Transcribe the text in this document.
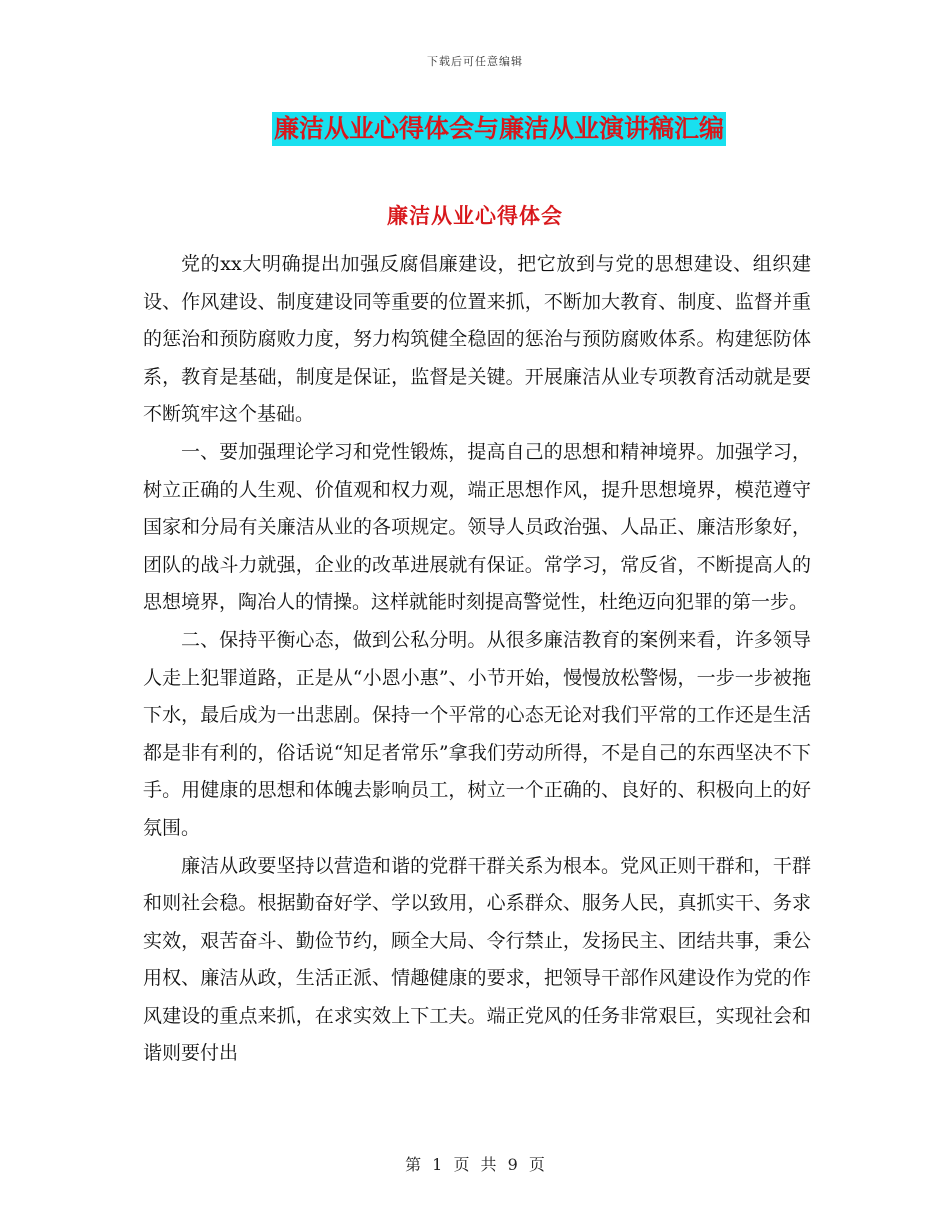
下载后可任意编辑
廉洁从业心得体会与廉洁从业演讲稿汇编
廉洁从业心得体会

党的xx大明确提出加强反腐倡廉建设，把它放到与党的思想建设、组织建设、作风建设、制度建设同等重要的位置来抓，不断加大教育、制度、监督并重的惩治和预防腐败力度，努力构筑健全稳固的惩治与预防腐败体系。构建惩防体系，教育是基础，制度是保证，监督是关键。开展廉洁从业专项教育活动就是要不断筑牢这个基础。

一、要加强理论学习和党性锻炼，提高自己的思想和精神境界。加强学习，树立正确的人生观、价值观和权力观，端正思想作风，提升思想境界，模范遵守国家和分局有关廉洁从业的各项规定。领导人员政治强、人品正、廉洁形象好，团队的战斗力就强，企业的改革进展就有保证。常学习，常反省，不断提高人的思想境界，陶冶人的情操。这样就能时刻提高警觉性，杜绝迈向犯罪的第一步。

二、保持平衡心态，做到公私分明。从很多廉洁教育的案例来看，许多领导人走上犯罪道路，正是从“小恩小惠”、小节开始，慢慢放松警惕，一步一步被拖下水，最后成为一出悲剧。保持一个平常的心态无论对我们平常的工作还是生活都是非有利的，俗话说“知足者常乐”拿我们劳动所得，不是自己的东西坚决不下手。用健康的思想和体魄去影响员工，树立一个正确的、良好的、积极向上的好氛围。

廉洁从政要坚持以营造和谐的党群干群关系为根本。党风正则干群和，干群和则社会稳。根据勤奋好学、学以致用，心系群众、服务人民，真抓实干、务求实效，艰苦奋斗、勤俭节约，顾全大局、令行禁止，发扬民主、团结共事，秉公用权、廉洁从政，生活正派、情趣健康的要求，把领导干部作风建设作为党的作风建设的重点来抓，在求实效上下工夫。端正党风的任务非常艰巨，实现社会和谐则要付出

第 1 页 共 9 页
